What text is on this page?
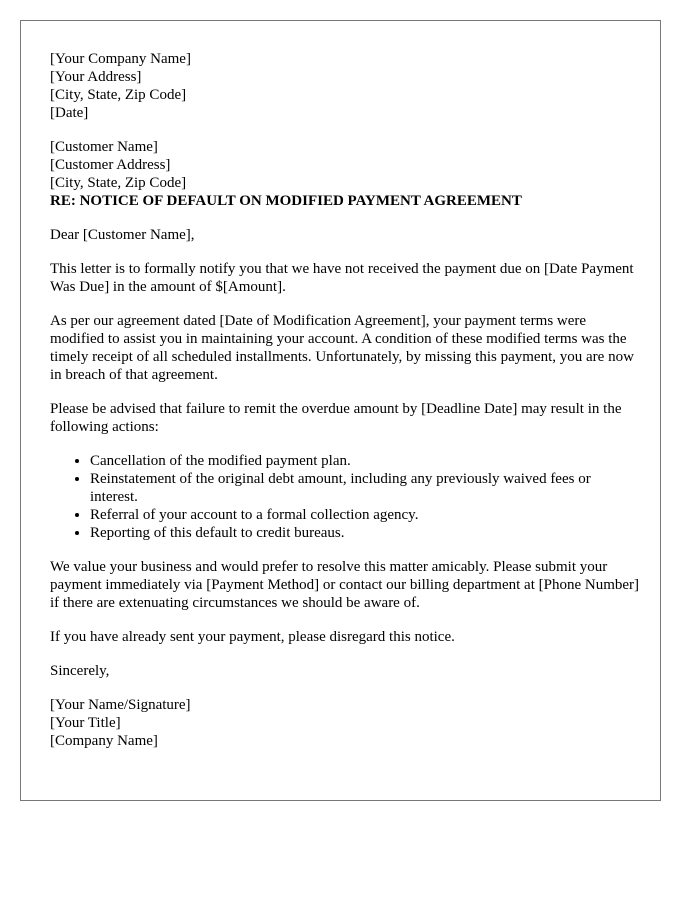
[Your Company Name]
[Your Address]
[City, State, Zip Code]
[Date]
[Customer Name]
[Customer Address]
[City, State, Zip Code]

RE: NOTICE OF DEFAULT ON MODIFIED PAYMENT AGREEMENT

Dear [Customer Name],

This letter is to formally notify you that we have not received the payment due on [Date Payment Was Due] in the amount of $[Amount].

As per our agreement dated [Date of Modification Agreement], your payment terms were modified to assist you in maintaining your account. A condition of these modified terms was the timely receipt of all scheduled installments. Unfortunately, by missing this payment, you are now in breach of that agreement.

Please be advised that failure to remit the overdue amount by [Deadline Date] may result in the following actions:

• Cancellation of the modified payment plan.
• Reinstatement of the original debt amount, including any previously waived fees or interest.
• Referral of your account to a formal collection agency.
• Reporting of this default to credit bureaus.

We value your business and would prefer to resolve this matter amicably. Please submit your payment immediately via [Payment Method] or contact our billing department at [Phone Number] if there are extenuating circumstances we should be aware of.

If you have already sent your payment, please disregard this notice.

Sincerely,

[Your Name/Signature]
[Your Title]
[Company Name]
